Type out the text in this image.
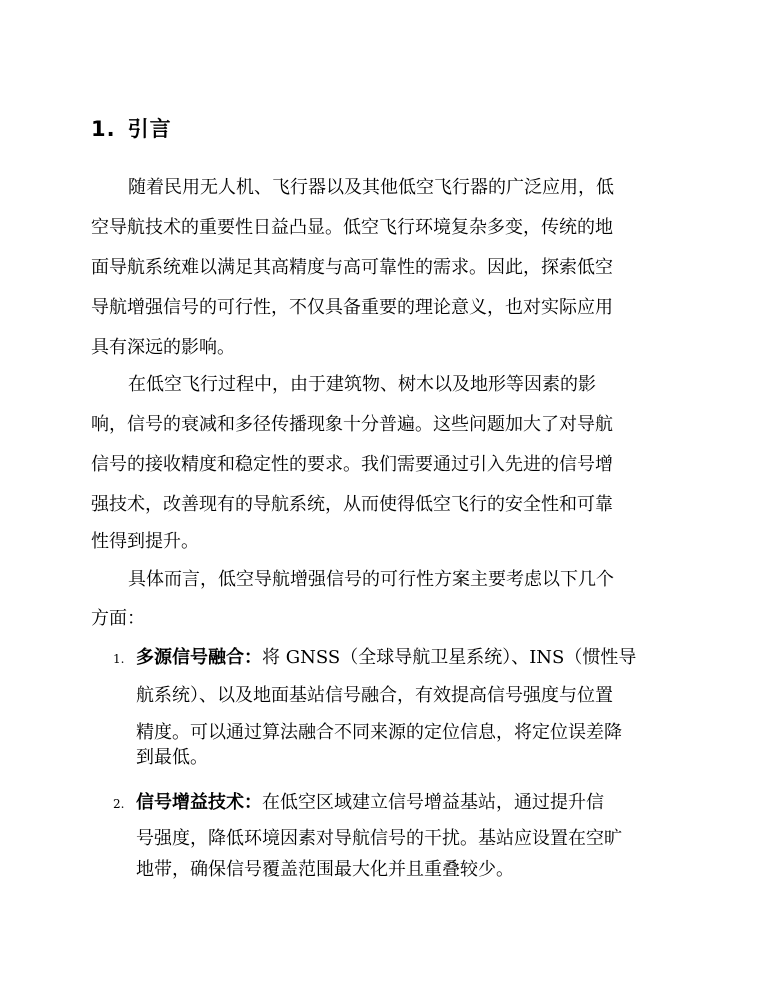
1. 引言
随着民用无人机、飞行器以及其他低空飞行器的广泛应用，低
空导航技术的重要性日益凸显。低空飞行环境复杂多变，传统的地
面导航系统难以满足其高精度与高可靠性的需求。因此，探索低空
导航增强信号的可行性，不仅具备重要的理论意义，也对实际应用
具有深远的影响。
在低空飞行过程中，由于建筑物、树木以及地形等因素的影
响，信号的衰减和多径传播现象十分普遍。这些问题加大了对导航
信号的接收精度和稳定性的要求。我们需要通过引入先进的信号增
强技术，改善现有的导航系统，从而使得低空飞行的安全性和可靠
性得到提升。
具体而言，低空导航增强信号的可行性方案主要考虑以下几个
方面：
1. 多源信号融合：将 GNSS（全球导航卫星系统）、INS（惯性导
航系统）、以及地面基站信号融合，有效提高信号强度与位置
精度。可以通过算法融合不同来源的定位信息，将定位误差降
到最低。
2. 信号增益技术：在低空区域建立信号增益基站，通过提升信
号强度，降低环境因素对导航信号的干扰。基站应设置在空旷
地带，确保信号覆盖范围最大化并且重叠较少。
